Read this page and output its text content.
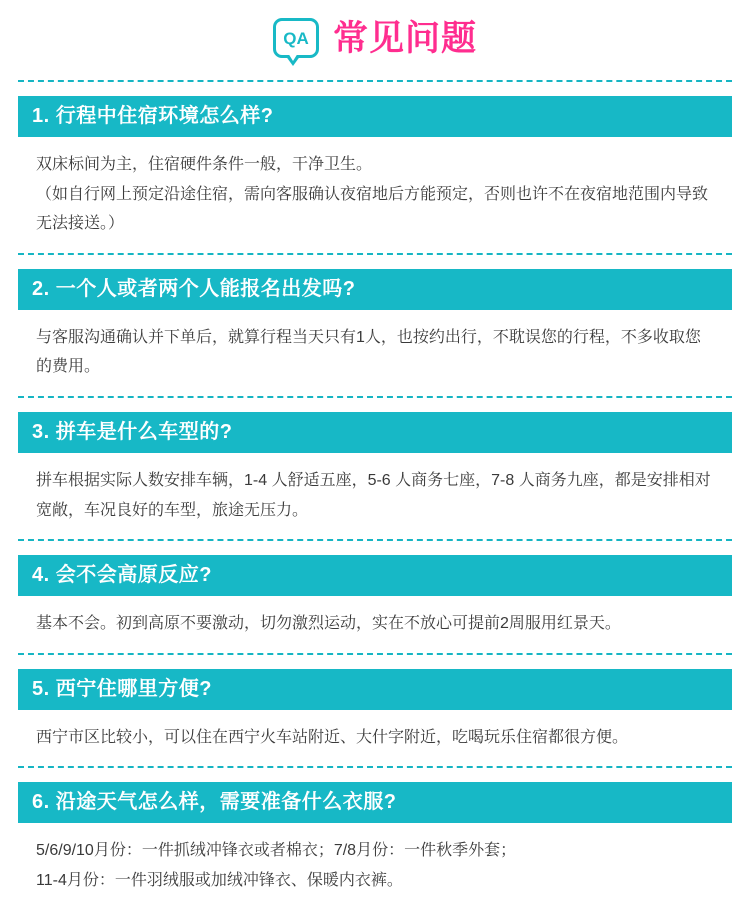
QA 常见问题
1. 行程中住宿环境怎么样?

双床标间为主，住宿硬件条件一般，干净卫生。

（如自行网上预定沿途住宿，需向客服确认夜宿地后方能预定，否则也许不在夜宿地范围内导致无法接送。）

2. 一个人或者两个人能报名出发吗?

与客服沟通确认并下单后，就算行程当天只有1人，也按约出行，不耽误您的行程，不多收取您的费用。

3. 拼车是什么车型的?

拼车根据实际人数安排车辆，1-4 人舒适五座，5-6 人商务七座，7-8 人商务九座，都是安排相对宽敞，车况良好的车型，旅途无压力。

4. 会不会高原反应?

基本不会。初到高原不要激动，切勿激烈运动，实在不放心可提前2周服用红景天。

5. 西宁住哪里方便?

西宁市区比较小，可以住在西宁火车站附近、大什字附近，吃喝玩乐住宿都很方便。

6. 沿途天气怎么样，需要准备什么衣服?

5/6/9/10月份：一件抓绒冲锋衣或者棉衣；7/8月份：一件秋季外套；

11-4月份：一件羽绒服或加绒冲锋衣、保暖内衣裤。
